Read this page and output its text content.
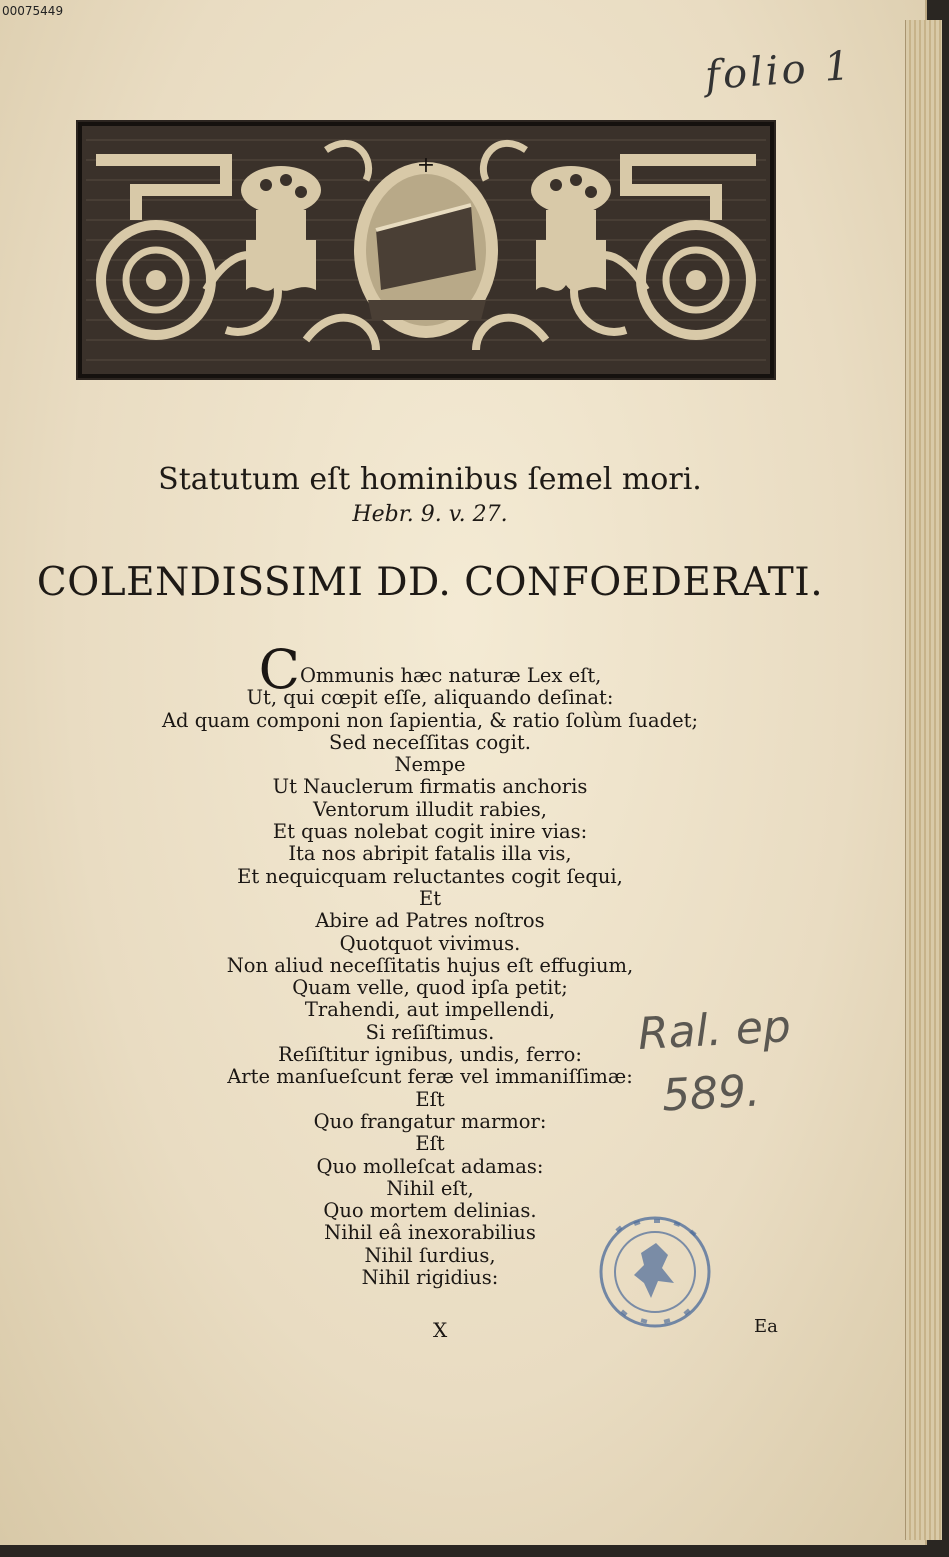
00075449
folio 1
+
Statutum eſt hominibus ſemel mori.
Hebr. 9. v. 27.
COLENDISSIMI DD. CONFOEDERATI.
COmmunis hæc naturæ Lex eſt,
Ut, qui cœpit eſſe, aliquando deſinat:
Ad quam componi non ſapientia, & ratio ſolùm ſuadet;
Sed neceſſitas cogit.
Nempe
Ut Nauclerum firmatis anchoris
Ventorum illudit rabies,
Et quas nolebat cogit inire vias:
Ita nos abripit fatalis illa vis,
Et nequicquam reluctantes cogit ſequi,
Et
Abire ad Patres noſtros
Quotquot vivimus.
Non aliud neceſſitatis hujus eſt effugium,
Quam velle, quod ipſa petit;
Trahendi, aut impellendi,
Si reſiſtimus.
Reſiſtitur ignibus, undis, ferro:
Arte manſueſcunt feræ vel immaniſſimæ:
Eſt
Quo frangatur marmor:
Eſt
Quo molleſcat adamas:
Nihil eſt,
Quo mortem delinias.
Nihil eâ inexorabilius
Nihil ſurdius,
Nihil rigidius:
Ral. ep
589.
X	Ea
